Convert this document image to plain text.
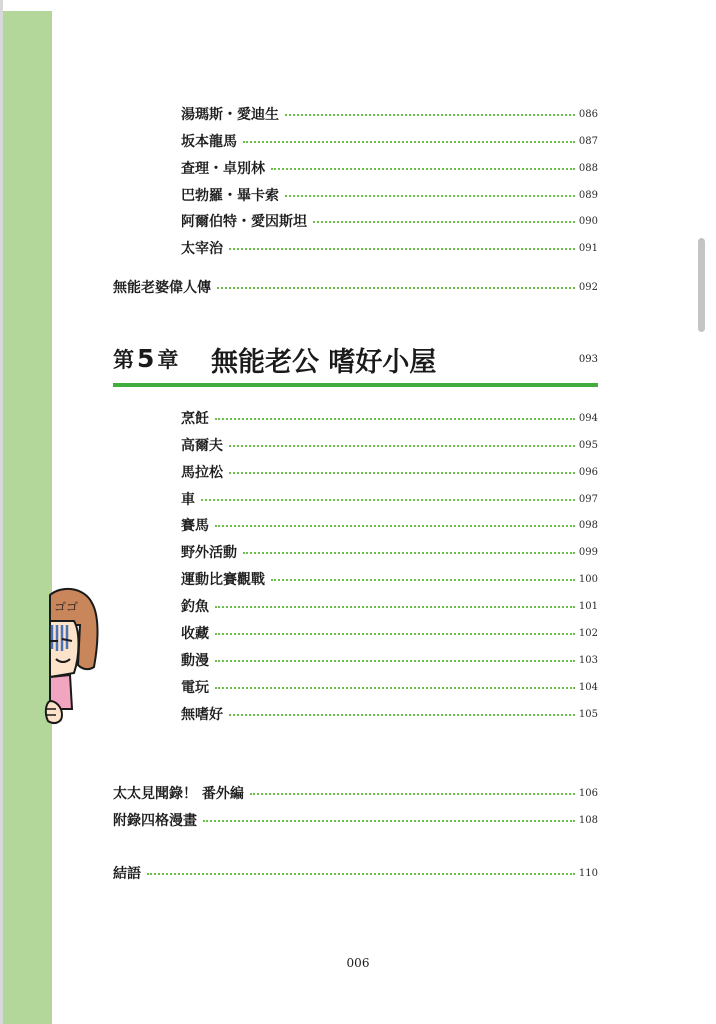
湯瑪斯・愛迪生	086
坂本龍馬	087
查理・卓別林	088
巴勃羅・畢卡索	089
阿爾伯特・愛因斯坦	090
太宰治	091
無能老婆偉人傳	092
第 5 章 無能老公 嗜好小屋	093
烹飪	094
高爾夫	095
馬拉松	096
車	097
賽馬	098
野外活動	099
運動比賽觀戰	100
釣魚	101
收藏	102
動漫	103
電玩	104
無嗜好	105
太太見聞錄！ 番外編	106
附錄四格漫畫	108
結語	110
ゴゴ
006
